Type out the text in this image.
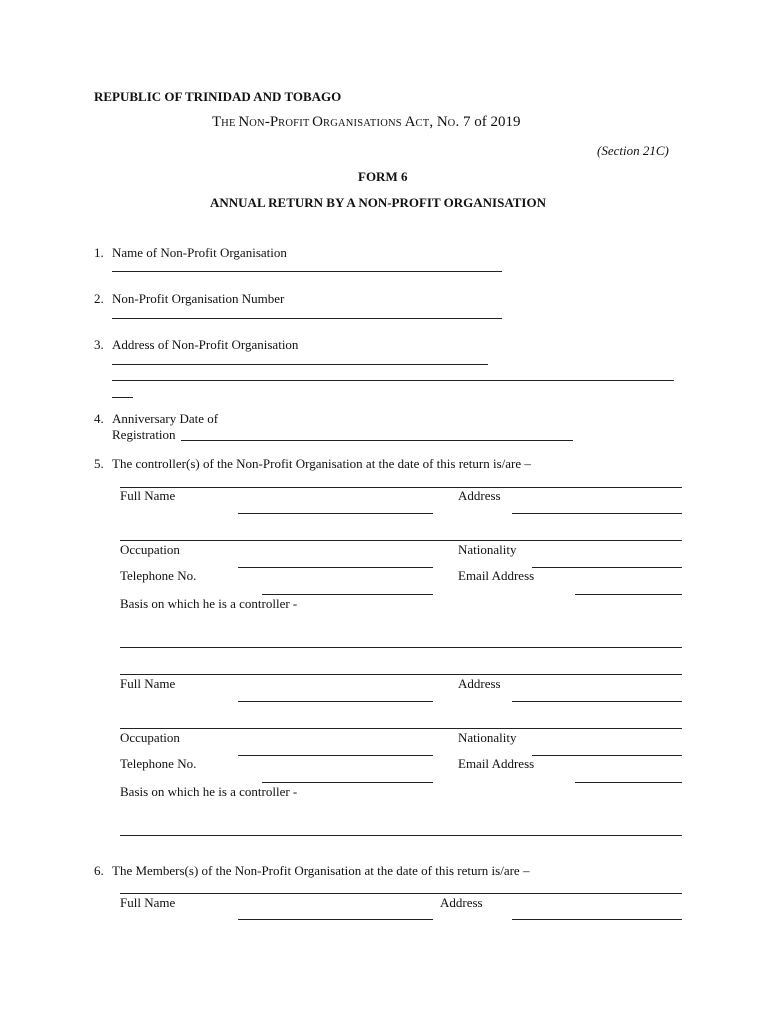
REPUBLIC OF TRINIDAD AND TOBAGO
THE NON-PROFIT ORGANISATIONS ACT, NO. 7 of 2019
(Section 21C)
FORM 6
ANNUAL RETURN BY A NON-PROFIT ORGANISATION
1. Name of Non-Profit Organisation
2. Non-Profit Organisation Number
3. Address of Non-Profit Organisation
4. Anniversary Date of
Registration
5. The controller(s) of the Non-Profit Organisation at the date of this return is/are –
Full Name	Address
Occupation	Nationality
Telephone No.	Email Address
Basis on which he is a controller -
Full Name	Address
Occupation	Nationality
Telephone No.	Email Address
Basis on which he is a controller -
6. The Members(s) of the Non-Profit Organisation at the date of this return is/are –
Full Name	Address
